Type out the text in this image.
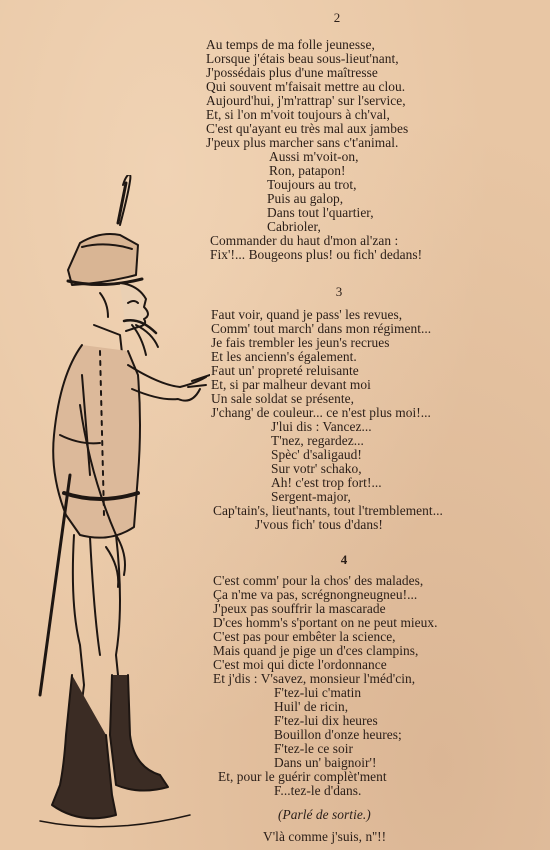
2
Au temps de ma folle jeunesse,
Lorsque j'étais beau sous-lieut'nant,
J'possédais plus d'une maîtresse
Qui souvent m'faisait mettre au clou.
Aujourd'hui, j'm'rattrap' sur l'service,
Et, si l'on m'voit toujours à ch'val,
C'est qu'ayant eu très mal aux jambes
J'peux plus marcher sans c't'animal.
Aussi m'voit-on,
Ron, patapon!
Toujours au trot,
Puis au galop,
Dans tout l'quartier,
Cabrioler,
Commander du haut d'mon al'zan :
Fix'!... Bougeons plus! ou fich' dedans!
3
Faut voir, quand je pass' les revues,
Comm' tout march' dans mon régiment...
Je fais trembler les jeun's recrues
Et les ancienn's également.
Faut un' propreté reluisante
Et, si par malheur devant moi
Un sale soldat se présente,
J'chang' de couleur... ce n'est plus moi!...
J'lui dis : Vancez...
T'nez, regardez...
Spèc' d'saligaud!
Sur votr' schako,
Ah! c'est trop fort!...
Sergent-major,
Cap'tain's, lieut'nants, tout l'tremblement...
J'vous fich' tous d'dans!
4
C'est comm' pour la chos' des malades,
Ça n'me va pas, scrégnongneugneu!...
J'peux pas souffrir la mascarade
D'ces homm's s'portant on ne peut mieux.
C'est pas pour embêter la science,
Mais quand je pige un d'ces clampins,
C'est moi qui dicte l'ordonnance
Et j'dis : V'savez, monsieur l'méd'cin,
F'tez-lui c'matin
Huil' de ricin,
F'tez-lui dix heures
Bouillon d'onze heures;
F'tez-le ce soir
Dans un' baignoir'!
Et, pour le guérir complèt'ment
F...tez-le d'dans.
(Parlé de sortie.)
V'là comme j'suis, n''!!
